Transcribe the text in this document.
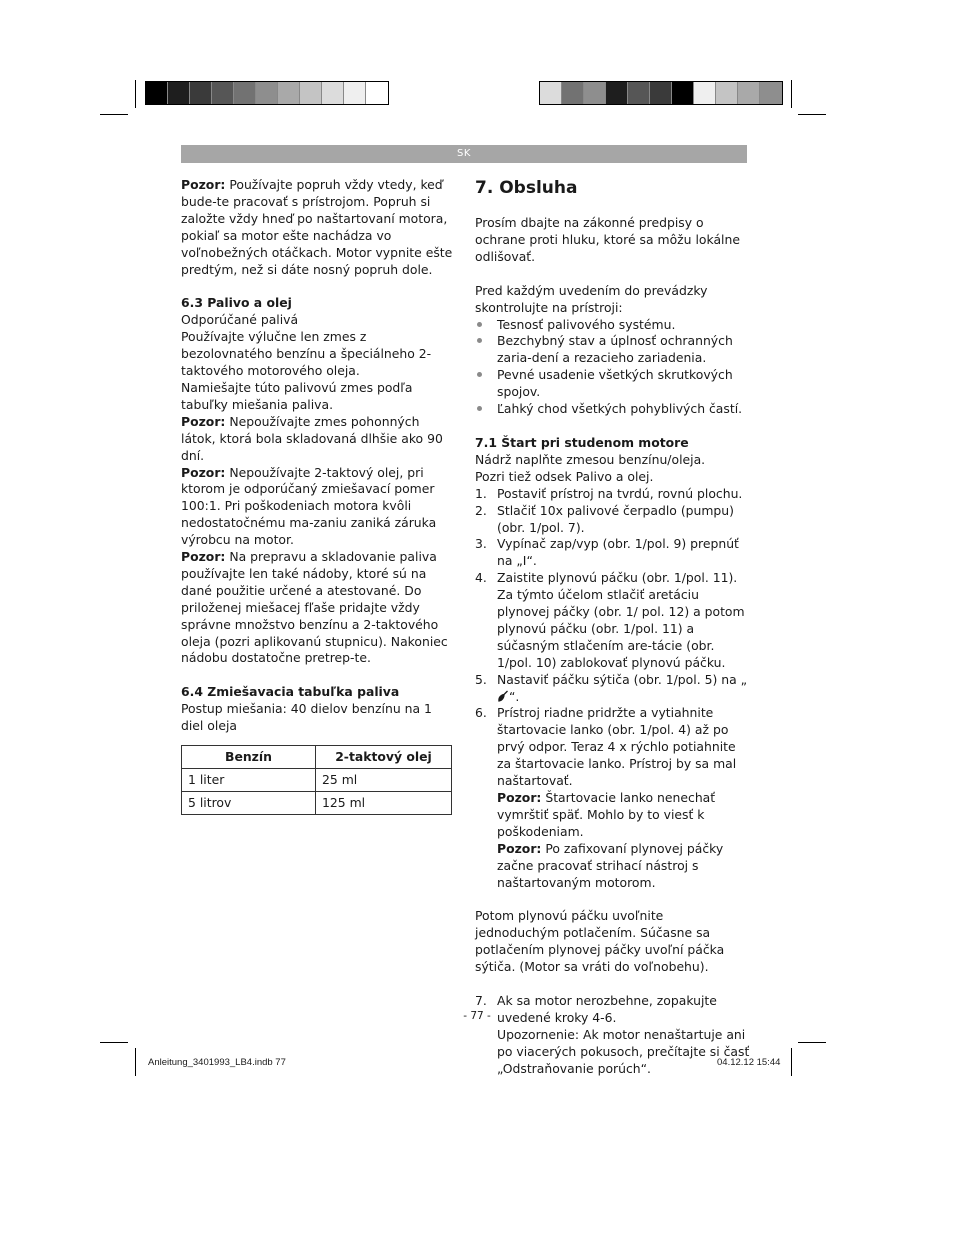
SK

Pozor: Používajte popruh vždy vtedy, keď bude-te pracovať s prístrojom. Popruh si založte vždy hneď po naštartovaní motora, pokiaľ sa motor ešte nachádza vo voľnobežných otáčkach. Motor vypnite ešte predtým, než si dáte nosný popruh dole.

6.3 Palivo a olej

Odporúčané palivá

Používajte výlučne len zmes z bezolovnatého benzínu a špeciálneho 2-taktového motorového oleja.

Namiešajte túto palivovú zmes podľa tabuľky miešania paliva.

Pozor: Nepoužívajte zmes pohonných látok, ktorá bola skladovaná dlhšie ako 90 dní.

Pozor: Nepoužívajte 2-taktový olej, pri ktorom je odporúčaný zmiešavací pomer 100:1. Pri poškodeniach motora kvôli nedostatočnému ma-zaniu zaniká záruka výrobcu na motor.

Pozor: Na prepravu a skladovanie paliva používajte len také nádoby, ktoré sú na dané použitie určené a atestované. Do priloženej miešacej fľaše pridajte vždy správne množstvo benzínu a 2-taktového oleja (pozri aplikovanú stupnicu). Nakoniec nádobu dostatočne pretrep-te.

6.4 Zmiešavacia tabuľka paliva

Postup miešania: 40 dielov benzínu na 1 diel oleja

Benzín	2-taktový olej
1 liter	25 ml
5 litrov	125 ml
7. Obsluha

Prosím dbajte na zákonné predpisy o ochrane proti hluku, ktoré sa môžu lokálne odlišovať.

Pred každým uvedením do prevádzky skontrolujte na prístroji:

Tesnosť palivového systému.
Bezchybný stav a úplnosť ochranných zaria-dení a rezacieho zariadenia.
Pevné usadenie všetkých skrutkových spojov.
Ľahký chod všetkých pohyblivých častí.
7.1 Štart pri studenom motore

Nádrž naplňte zmesou benzínu/oleja.

Pozri tiež odsek Palivo a olej.

1. Postaviť prístroj na tvrdú, rovnú plochu.
2. Stlačiť 10x palivové čerpadlo (pumpu) (obr. 1/pol. 7).
3. Vypínač zap/vyp (obr. 1/pol. 9) prepnúť na „I“.
4. Zaistite plynovú páčku (obr. 1/pol. 11). Za týmto účelom stlačiť aretáciu plynovej páčky (obr. 1/ pol. 12) a potom plynovú páčku (obr. 1/pol. 11) a súčasným stlačením are-tácie (obr. 1/pol. 10) zablokovať plynovú páčku.
5. Nastaviť páčku sýtiča (obr. 1/pol. 5) na „“.
6. Prístroj riadne pridržte a vytiahnite štartovacie lanko (obr. 1/pol. 4) až po prvý odpor. Teraz 4 x rýchlo potiahnite za štartovacie lanko. Prístroj by sa mal naštartovať.
Pozor: Štartovacie lanko nenechať vymrštiť späť. Mohlo by to viesť k poškodeniam.
Pozor: Po zafixovaní plynovej páčky začne pracovať strihací nástroj s naštartovaným motorom.

Potom plynovú páčku uvoľnite jednoduchým potlačením. Súčasne sa potlačením plynovej páčky uvoľní páčka sýtiča. (Motor sa vráti do voľnobehu).

7. Ak sa motor nerozbehne, zopakujte uvedené kroky 4-6.
Upozornenie: Ak motor nenaštartuje ani po viacerých pokusoch, prečítajte si časť „Odstraňovanie porúch“.
- 77 -
Anleitung_3401993_LB4.indb 77	04.12.12 15:44
